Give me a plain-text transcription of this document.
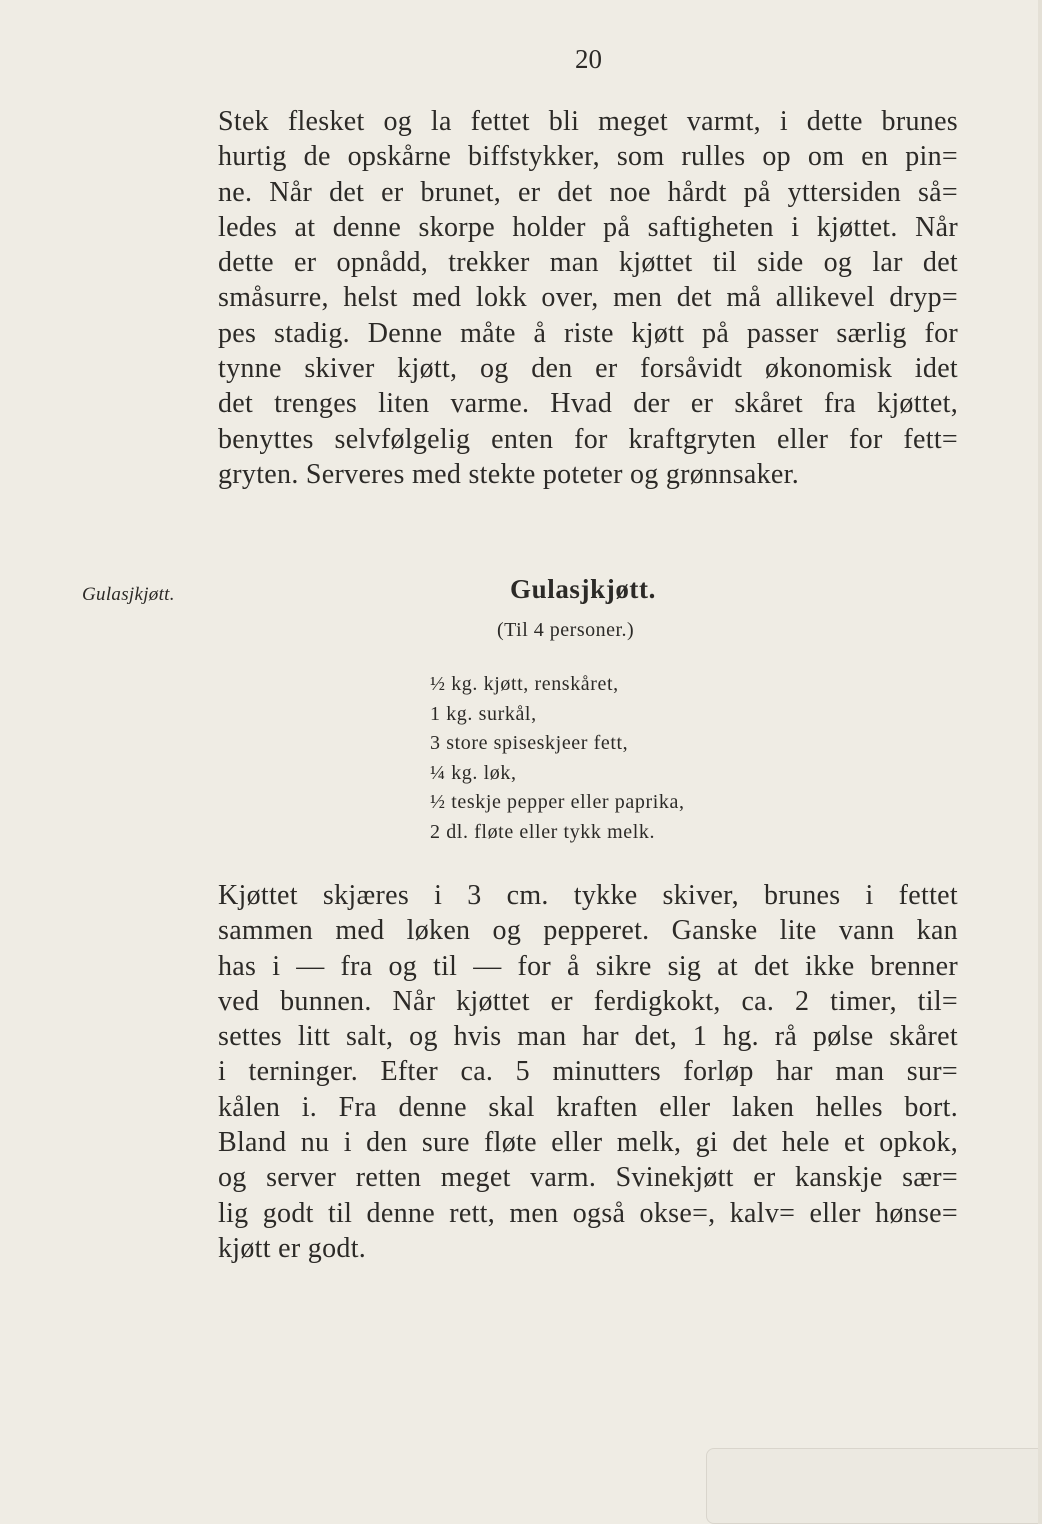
20

Stek flesket og la fettet bli meget varmt, i dette brunes
hurtig de opskårne biffstykker, som rulles op om en pin=
ne. Når det er brunet, er det noe hårdt på yttersiden så=
ledes at denne skorpe holder på saftigheten i kjøttet. Når
dette er opnådd, trekker man kjøttet til side og lar det
småsurre, helst med lokk over, men det må allikevel dryp=
pes stadig. Denne måte å riste kjøtt på passer særlig for
tynne skiver kjøtt, og den er forsåvidt økonomisk idet
det trenges liten varme. Hvad der er skåret fra kjøttet,
benyttes selvfølgelig enten for kraftgryten eller for fett=
gryten. Serveres med stekte poteter og grønnsaker.

Gulasjkjøtt.	Gulasjkjøtt.
(Til 4 personer.)
½ kg. kjøtt, renskåret,
1 kg. surkål,
3 store spiseskjeer fett,
¼ kg. løk,
½ teskje pepper eller paprika,
2 dl. fløte eller tykk melk.

Kjøttet skjæres i 3 cm. tykke skiver, brunes i fettet
sammen med løken og pepperet. Ganske lite vann kan
has i — fra og til — for å sikre sig at det ikke brenner
ved bunnen. Når kjøttet er ferdigkokt, ca. 2 timer, til=
settes litt salt, og hvis man har det, 1 hg. rå pølse skåret
i terninger. Efter ca. 5 minutters forløp har man sur=
kålen i. Fra denne skal kraften eller laken helles bort.
Bland nu i den sure fløte eller melk, gi det hele et opkok,
og server retten meget varm. Svinekjøtt er kanskje sær=
lig godt til denne rett, men også okse=, kalv= eller hønse=
kjøtt er godt.
